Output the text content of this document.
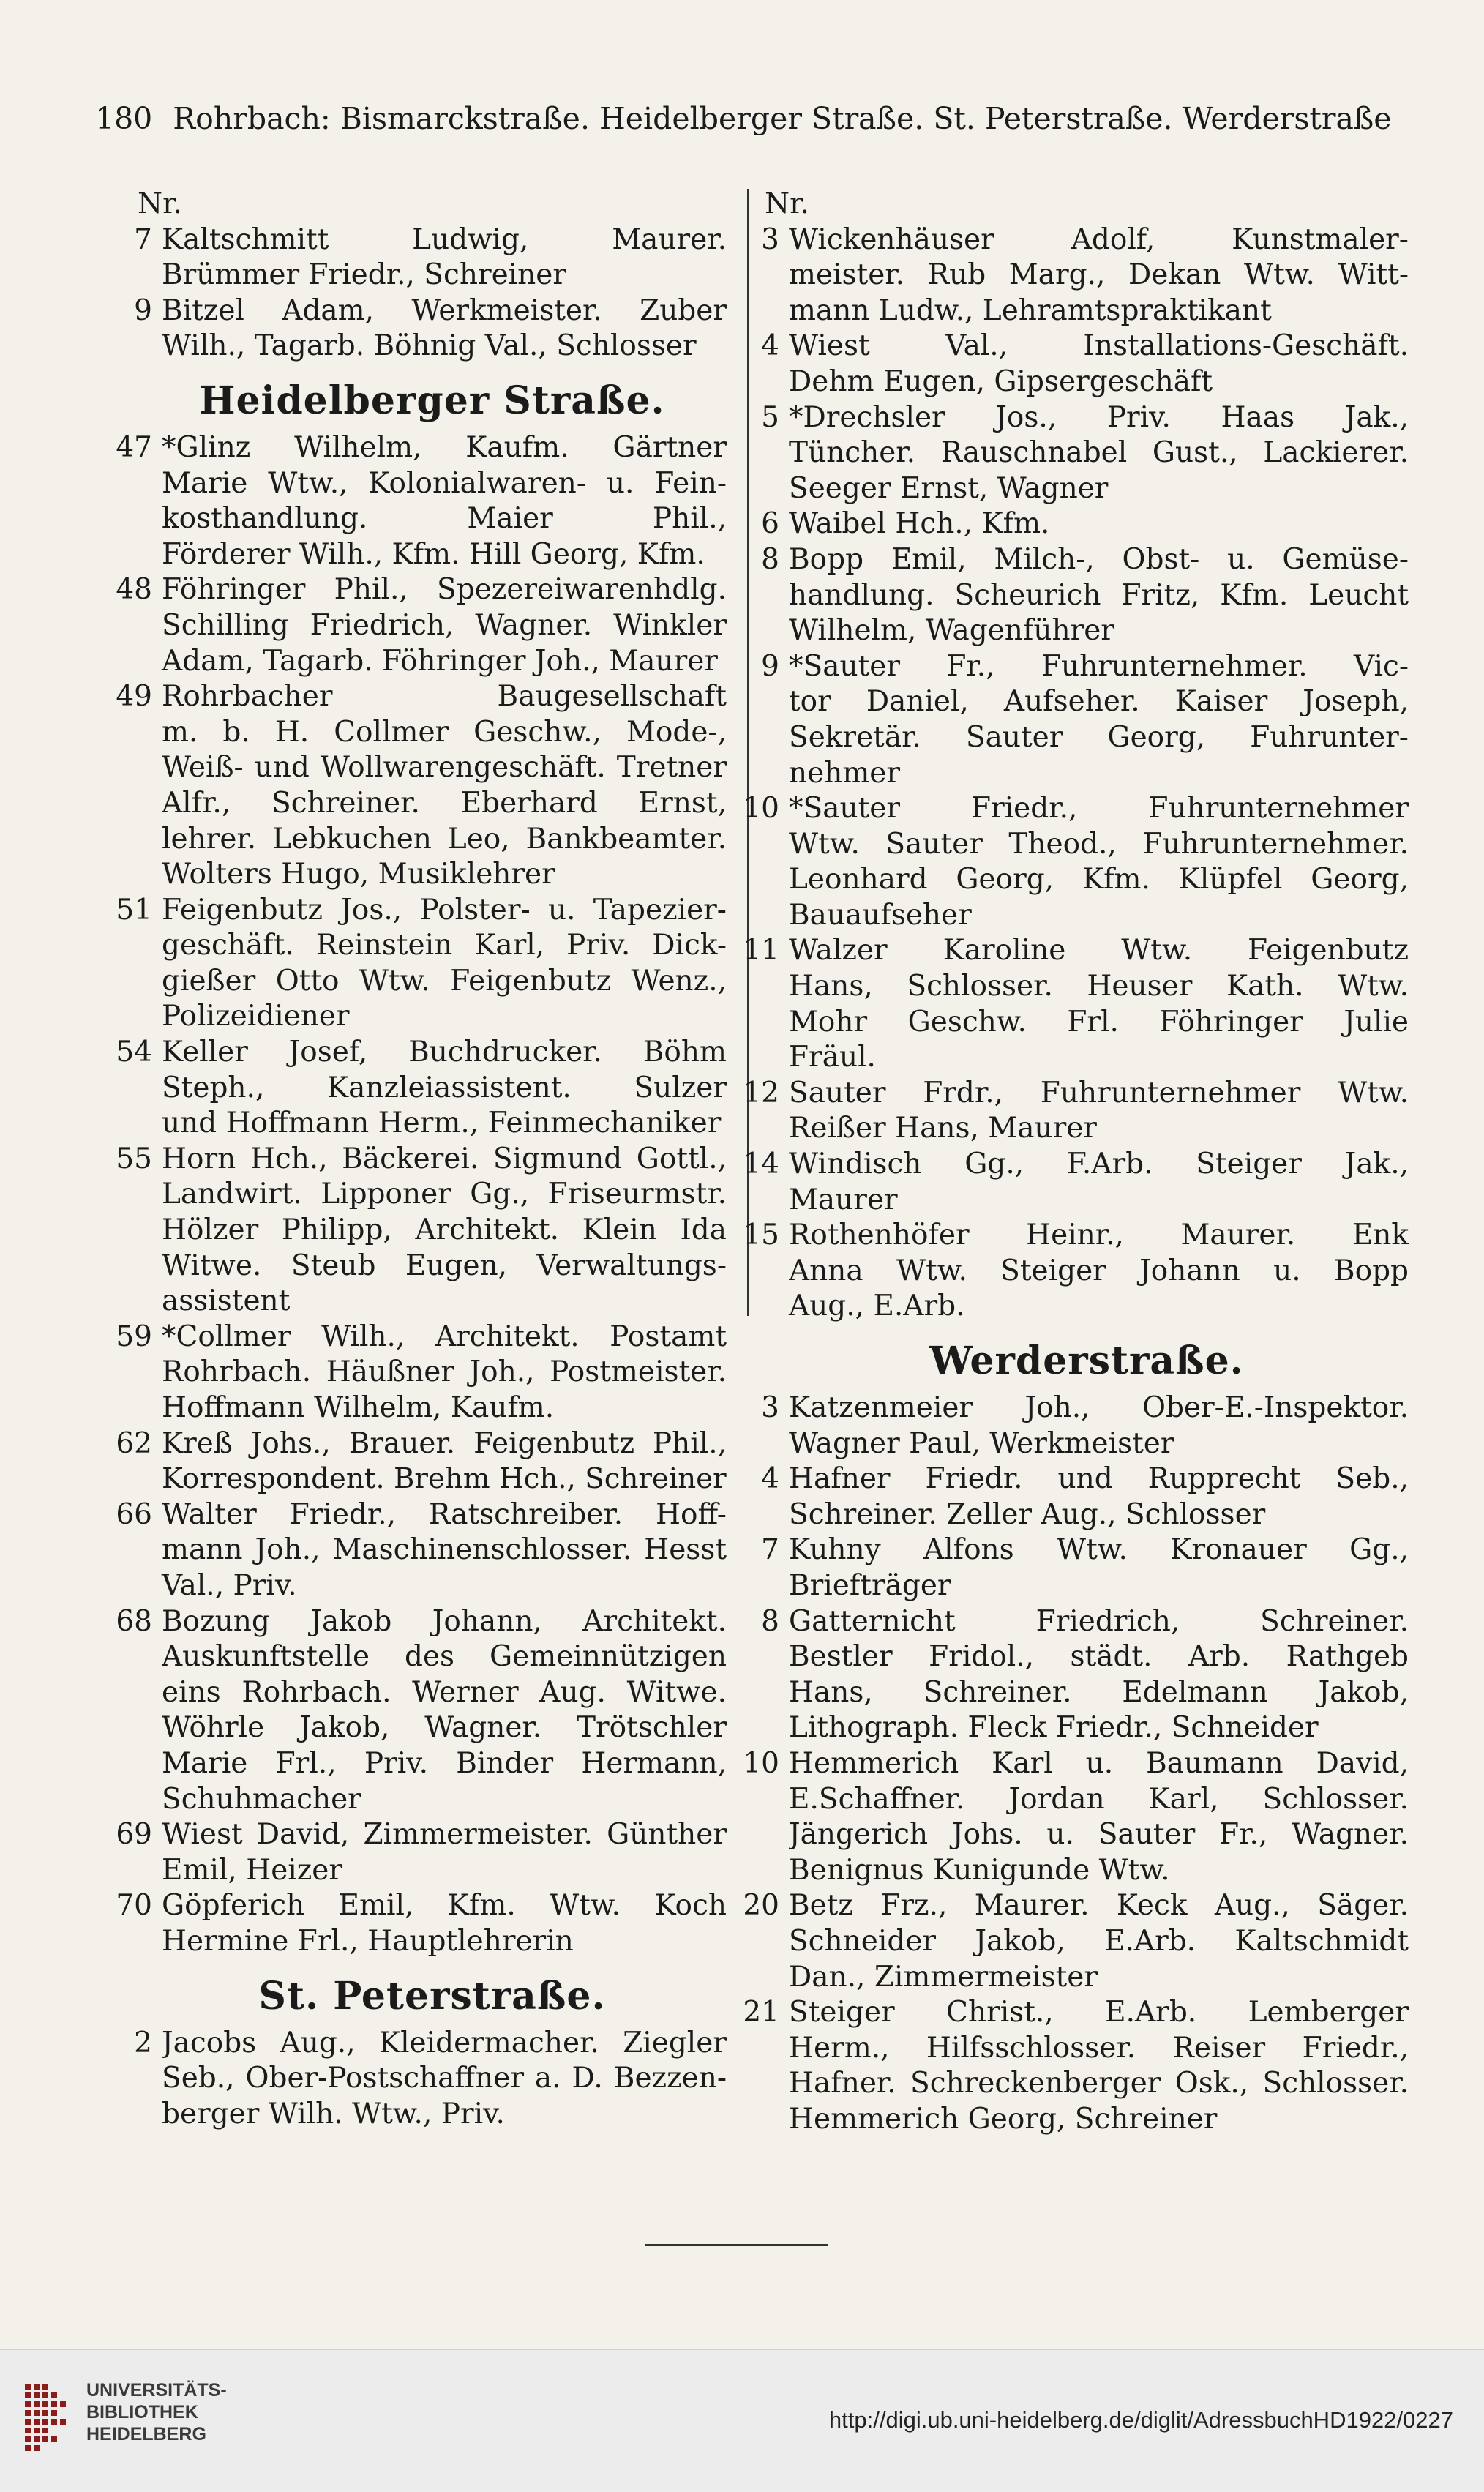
180 Rohrbach: Bismarckstraße. Heidelberger Straße. St. Peterstraße. Werderstraße
Nr.
7 Kaltschmitt Ludwig, Maurer.
Brümmer Friedr., Schreiner
9 Bitzel Adam, Werkmeister. Zuber
Wilh., Tagarb. Böhnig Val., Schlosser
Heidelberger Straße.
47 *Glinz Wilhelm, Kaufm. Gärtner
Marie Wtw., Kolonialwaren- u. Fein-
kosthandlung. Maier Phil.,
Förderer Wilh., Kfm. Hill Georg, Kfm.
48 Föhringer Phil., Spezereiwarenhdlg.
Schilling Friedrich, Wagner. Winkler
Adam, Tagarb. Föhringer Joh., Maurer
49 Rohrbacher Baugesellschaft
m. b. H. Collmer Geschw., Mode-,
Weiß- und Wollwarengeschäft. Tretner
Alfr., Schreiner. Eberhard Ernst,
lehrer. Lebkuchen Leo, Bankbeamter.
Wolters Hugo, Musiklehrer
51 Feigenbutz Jos., Polster- u. Tapezier-
geschäft. Reinstein Karl, Priv. Dick-
gießer Otto Wtw. Feigenbutz Wenz.,
Polizeidiener
54 Keller Josef, Buchdrucker. Böhm
Steph., Kanzleiassistent. Sulzer
und Hoffmann Herm., Feinmechaniker
55 Horn Hch., Bäckerei. Sigmund Gottl.,
Landwirt. Lipponer Gg., Friseurmstr.
Hölzer Philipp, Architekt. Klein Ida
Witwe. Steub Eugen, Verwaltungs-
assistent
59 *Collmer Wilh., Architekt. Postamt
Rohrbach. Häußner Joh., Postmeister.
Hoffmann Wilhelm, Kaufm.
62 Kreß Johs., Brauer. Feigenbutz Phil.,
Korrespondent. Brehm Hch., Schreiner
66 Walter Friedr., Ratschreiber. Hoff-
mann Joh., Maschinenschlosser. Hesst
Val., Priv.
68 Bozung Jakob Johann, Architekt.
Auskunftstelle des Gemeinnützigen
eins Rohrbach. Werner Aug. Witwe.
Wöhrle Jakob, Wagner. Trötschler
Marie Frl., Priv. Binder Hermann,
Schuhmacher
69 Wiest David, Zimmermeister. Günther
Emil, Heizer
70 Göpferich Emil, Kfm. Wtw. Koch
Hermine Frl., Hauptlehrerin
St. Peterstraße.
2 Jacobs Aug., Kleidermacher. Ziegler
Seb., Ober-Postschaffner a. D. Bezzen-
berger Wilh. Wtw., Priv.
Nr.
3 Wickenhäuser Adolf, Kunstmaler-
meister. Rub Marg., Dekan Wtw. Witt-
mann Ludw., Lehramtspraktikant
4 Wiest Val., Installations-Geschäft.
Dehm Eugen, Gipsergeschäft
5 *Drechsler Jos., Priv. Haas Jak.,
Tüncher. Rauschnabel Gust., Lackierer.
Seeger Ernst, Wagner
6 Waibel Hch., Kfm.
8 Bopp Emil, Milch-, Obst- u. Gemüse-
handlung. Scheurich Fritz, Kfm. Leucht
Wilhelm, Wagenführer
9 *Sauter Fr., Fuhrunternehmer. Vic-
tor Daniel, Aufseher. Kaiser Joseph,
Sekretär. Sauter Georg, Fuhrunter-
nehmer
10 *Sauter Friedr., Fuhrunternehmer
Wtw. Sauter Theod., Fuhrunternehmer.
Leonhard Georg, Kfm. Klüpfel Georg,
Bauaufseher
11 Walzer Karoline Wtw. Feigenbutz
Hans, Schlosser. Heuser Kath. Wtw.
Mohr Geschw. Frl. Föhringer Julie
Fräul.
12 Sauter Frdr., Fuhrunternehmer Wtw.
Reißer Hans, Maurer
14 Windisch Gg., F.Arb. Steiger Jak.,
Maurer
15 Rothenhöfer Heinr., Maurer. Enk
Anna Wtw. Steiger Johann u. Bopp
Aug., E.Arb.
Werderstraße.
3 Katzenmeier Joh., Ober-E.-Inspektor.
Wagner Paul, Werkmeister
4 Hafner Friedr. und Rupprecht Seb.,
Schreiner. Zeller Aug., Schlosser
7 Kuhny Alfons Wtw. Kronauer Gg.,
Briefträger
8 Gatternicht Friedrich, Schreiner.
Bestler Fridol., städt. Arb. Rathgeb
Hans, Schreiner. Edelmann Jakob,
Lithograph. Fleck Friedr., Schneider
10 Hemmerich Karl u. Baumann David,
E.Schaffner. Jordan Karl, Schlosser.
Jängerich Johs. u. Sauter Fr., Wagner.
Benignus Kunigunde Wtw.
20 Betz Frz., Maurer. Keck Aug., Säger.
Schneider Jakob, E.Arb. Kaltschmidt
Dan., Zimmermeister
21 Steiger Christ., E.Arb. Lemberger
Herm., Hilfsschlosser. Reiser Friedr.,
Hafner. Schreckenberger Osk., Schlosser.
Hemmerich Georg, Schreiner
UNIVERSITÄTS-
BIBLIOTHEK
HEIDELBERG
http://digi.ub.uni-heidelberg.de/diglit/AdressbuchHD1922/0227
